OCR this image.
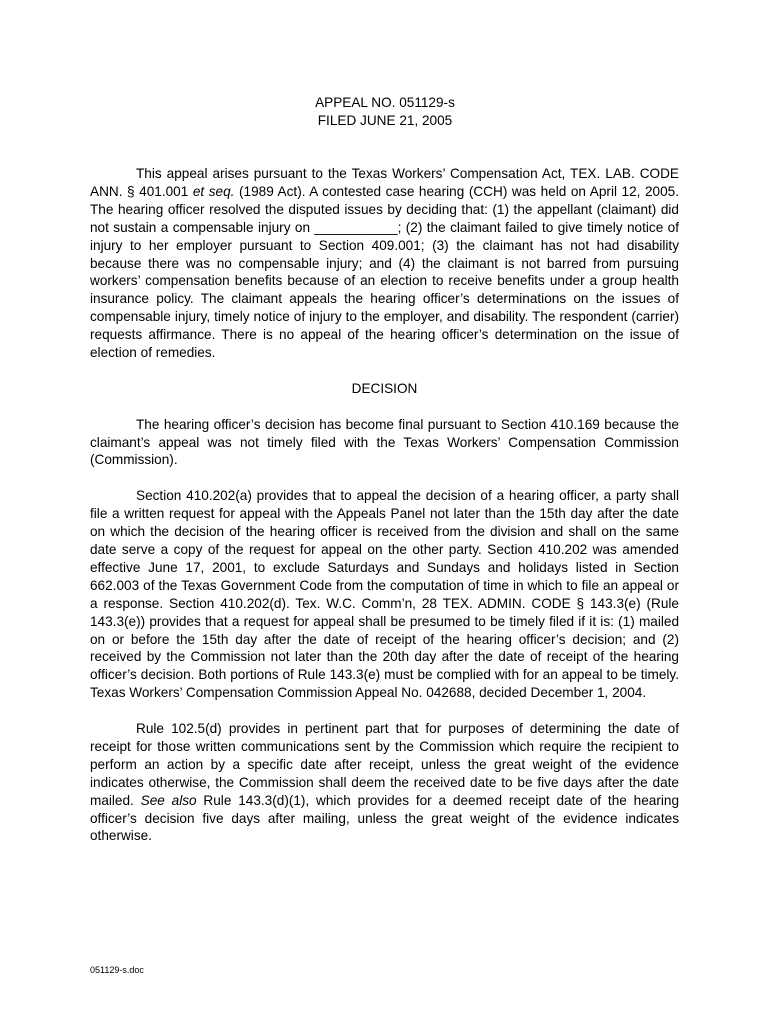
APPEAL NO. 051129-s
FILED JUNE 21, 2005

This appeal arises pursuant to the Texas Workers’ Compensation Act, TEX. LAB. CODE ANN. § 401.001 et seq. (1989 Act). A contested case hearing (CCH) was held on April 12, 2005. The hearing officer resolved the disputed issues by deciding that: (1) the appellant (claimant) did not sustain a compensable injury on ___________; (2) the claimant failed to give timely notice of injury to her employer pursuant to Section 409.001; (3) the claimant has not had disability because there was no compensable injury; and (4) the claimant is not barred from pursuing workers’ compensation benefits because of an election to receive benefits under a group health insurance policy. The claimant appeals the hearing officer’s determinations on the issues of compensable injury, timely notice of injury to the employer, and disability. The respondent (carrier) requests affirmance. There is no appeal of the hearing officer’s determination on the issue of election of remedies.

DECISION

The hearing officer’s decision has become final pursuant to Section 410.169 because the claimant’s appeal was not timely filed with the Texas Workers’ Compensation Commission (Commission).

Section 410.202(a) provides that to appeal the decision of a hearing officer, a party shall file a written request for appeal with the Appeals Panel not later than the 15th day after the date on which the decision of the hearing officer is received from the division and shall on the same date serve a copy of the request for appeal on the other party. Section 410.202 was amended effective June 17, 2001, to exclude Saturdays and Sundays and holidays listed in Section 662.003 of the Texas Government Code from the computation of time in which to file an appeal or a response. Section 410.202(d). Tex. W.C. Comm’n, 28 TEX. ADMIN. CODE § 143.3(e) (Rule 143.3(e)) provides that a request for appeal shall be presumed to be timely filed if it is: (1) mailed on or before the 15th day after the date of receipt of the hearing officer’s decision; and (2) received by the Commission not later than the 20th day after the date of receipt of the hearing officer’s decision. Both portions of Rule 143.3(e) must be complied with for an appeal to be timely. Texas Workers’ Compensation Commission Appeal No. 042688, decided December 1, 2004.

Rule 102.5(d) provides in pertinent part that for purposes of determining the date of receipt for those written communications sent by the Commission which require the recipient to perform an action by a specific date after receipt, unless the great weight of the evidence indicates otherwise, the Commission shall deem the received date to be five days after the date mailed. See also Rule 143.3(d)(1), which provides for a deemed receipt date of the hearing officer’s decision five days after mailing, unless the great weight of the evidence indicates otherwise.

051129-s.doc
